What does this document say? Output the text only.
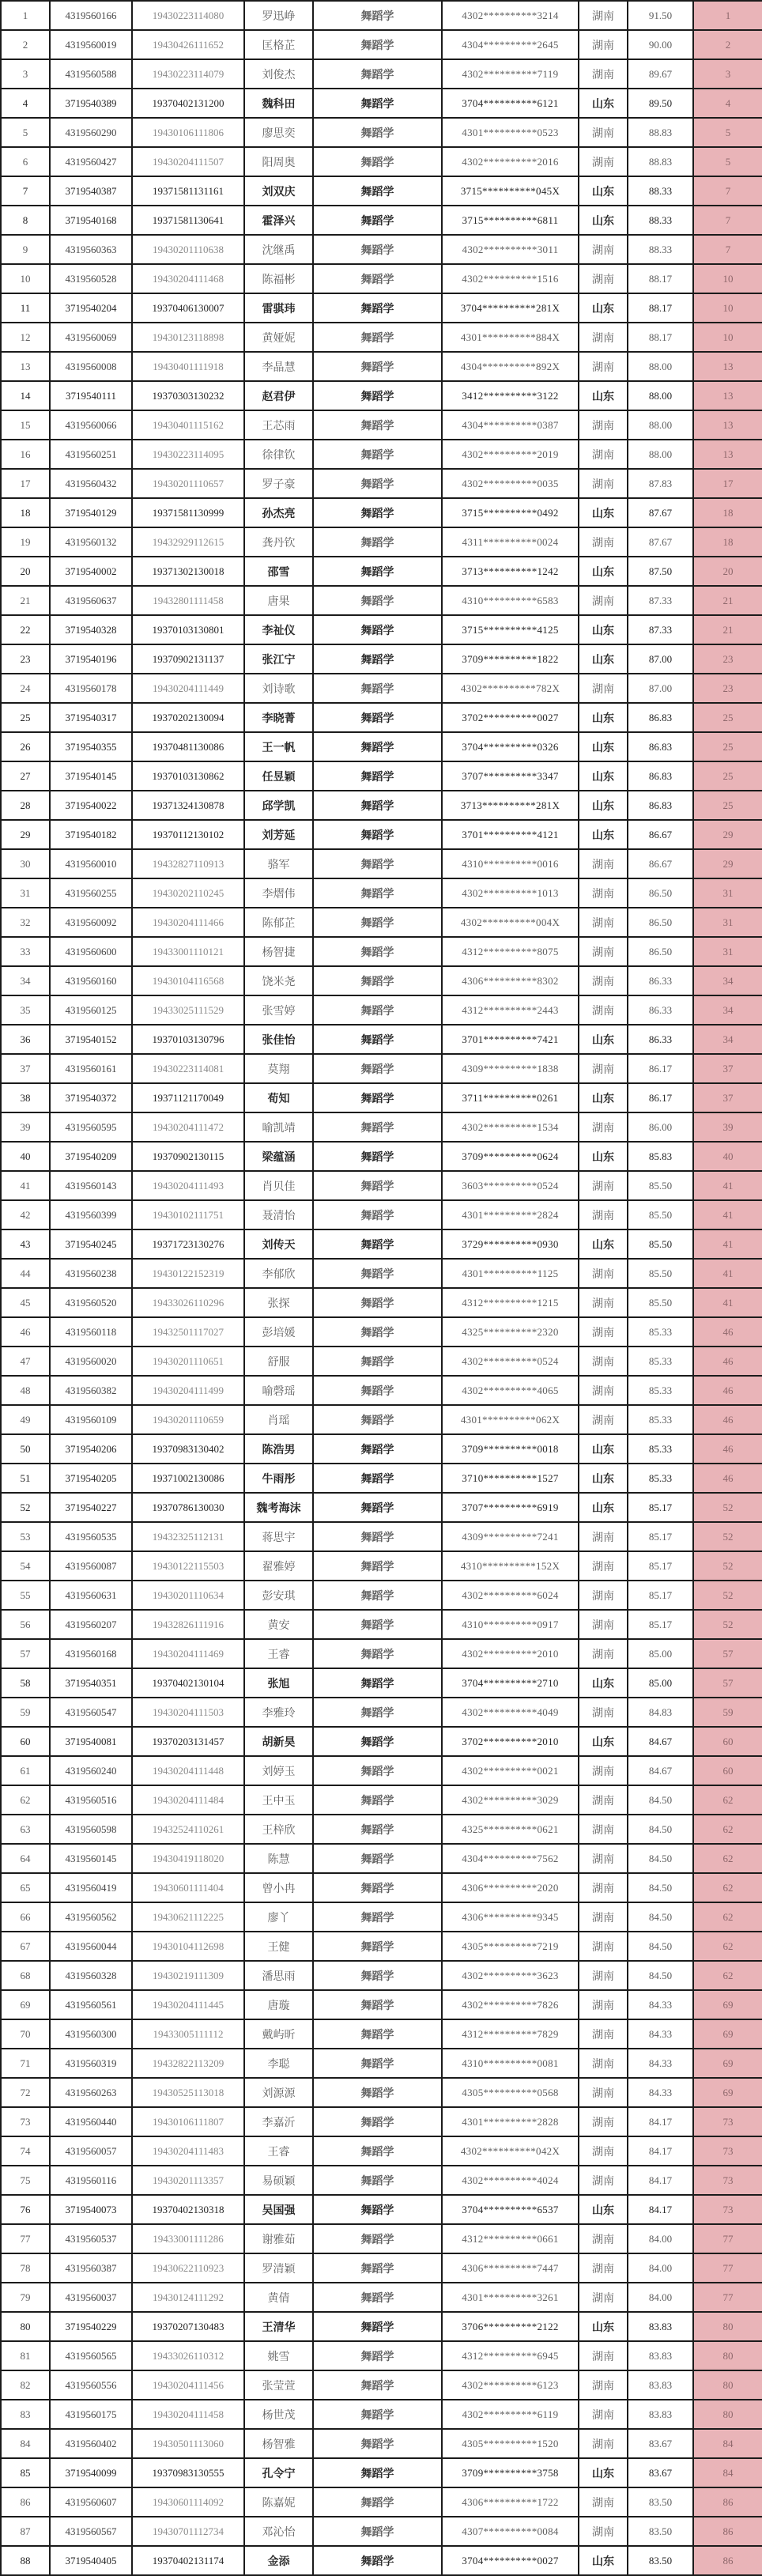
1	4319560166	19430223114080	罗迅峥	舞蹈学	4302**********3214	湖南	91.50	1
2	4319560019	19430426111652	匡格芷	舞蹈学	4304**********2645	湖南	90.00	2
3	4319560588	19430223114079	刘俊杰	舞蹈学	4302**********7119	湖南	89.67	3
4	3719540389	19370402131200	魏科田	舞蹈学	3704**********6121	山东	89.50	4
5	4319560290	19430106111806	廖思奕	舞蹈学	4301**********0523	湖南	88.83	5
6	4319560427	19430204111507	阳周奥	舞蹈学	4302**********2016	湖南	88.83	5
7	3719540387	19371581131161	刘双庆	舞蹈学	3715**********045X	山东	88.33	7
8	3719540168	19371581130641	霍泽兴	舞蹈学	3715**********6811	山东	88.33	7
9	4319560363	19430201110638	沈继禹	舞蹈学	4302**********3011	湖南	88.33	7
10	4319560528	19430204111468	陈福彬	舞蹈学	4302**********1516	湖南	88.17	10
11	3719540204	19370406130007	雷骐玮	舞蹈学	3704**********281X	山东	88.17	10
12	4319560069	19430123118898	黄娅妮	舞蹈学	4301**********884X	湖南	88.17	10
13	4319560008	19430401111918	李晶慧	舞蹈学	4304**********892X	湖南	88.00	13
14	3719540111	19370303130232	赵君伊	舞蹈学	3412**********3122	山东	88.00	13
15	4319560066	19430401115162	王芯雨	舞蹈学	4304**********0387	湖南	88.00	13
16	4319560251	19430223114095	徐律钦	舞蹈学	4302**********2019	湖南	88.00	13
17	4319560432	19430201110657	罗子豪	舞蹈学	4302**********0035	湖南	87.83	17
18	3719540129	19371581130999	孙杰亮	舞蹈学	3715**********0492	山东	87.67	18
19	4319560132	19432929112615	龚丹钦	舞蹈学	4311**********0024	湖南	87.67	18
20	3719540002	19371302130018	邵雪	舞蹈学	3713**********1242	山东	87.50	20
21	4319560637	19432801111458	唐果	舞蹈学	4310**********6583	湖南	87.33	21
22	3719540328	19370103130801	李祉仪	舞蹈学	3715**********4125	山东	87.33	21
23	3719540196	19370902131137	张江宁	舞蹈学	3709**********1822	山东	87.00	23
24	4319560178	19430204111449	刘诗歌	舞蹈学	4302**********782X	湖南	87.00	23
25	3719540317	19370202130094	李晓菁	舞蹈学	3702**********0027	山东	86.83	25
26	3719540355	19370481130086	王一帆	舞蹈学	3704**********0326	山东	86.83	25
27	3719540145	19370103130862	任昱颖	舞蹈学	3707**********3347	山东	86.83	25
28	3719540022	19371324130878	邱学凯	舞蹈学	3713**********281X	山东	86.83	25
29	3719540182	19370112130102	刘芳延	舞蹈学	3701**********4121	山东	86.67	29
30	4319560010	19432827110913	骆军	舞蹈学	4310**********0016	湖南	86.67	29
31	4319560255	19430202110245	李熠伟	舞蹈学	4302**********1013	湖南	86.50	31
32	4319560092	19430204111466	陈郁芷	舞蹈学	4302**********004X	湖南	86.50	31
33	4319560600	19433001110121	杨智捷	舞蹈学	4312**********8075	湖南	86.50	31
34	4319560160	19430104116568	饶米尧	舞蹈学	4306**********8302	湖南	86.33	34
35	4319560125	19433025111529	张雪婷	舞蹈学	4312**********2443	湖南	86.33	34
36	3719540152	19370103130796	张佳怡	舞蹈学	3701**********7421	山东	86.33	34
37	4319560161	19430223114081	莫翔	舞蹈学	4309**********1838	湖南	86.17	37
38	3719540372	19371121170049	荀知	舞蹈学	3711**********0261	山东	86.17	37
39	4319560595	19430204111472	喻凯靖	舞蹈学	4302**********1534	湖南	86.00	39
40	3719540209	19370902130115	梁蕴涵	舞蹈学	3709**********0624	山东	85.83	40
41	4319560143	19430204111493	肖贝佳	舞蹈学	3603**********0524	湖南	85.50	41
42	4319560399	19430102111751	聂清怡	舞蹈学	4301**********2824	湖南	85.50	41
43	3719540245	19371723130276	刘传天	舞蹈学	3729**********0930	山东	85.50	41
44	4319560238	19430122152319	李郁欣	舞蹈学	4301**********1125	湖南	85.50	41
45	4319560520	19433026110296	张探	舞蹈学	4312**********1215	湖南	85.50	41
46	4319560118	19432501117027	彭培媛	舞蹈学	4325**********2320	湖南	85.33	46
47	4319560020	19430201110651	舒服	舞蹈学	4302**********0524	湖南	85.33	46
48	4319560382	19430204111499	喻磬瑶	舞蹈学	4302**********4065	湖南	85.33	46
49	4319560109	19430201110659	肖瑶	舞蹈学	4301**********062X	湖南	85.33	46
50	3719540206	19370983130402	陈浩男	舞蹈学	3709**********0018	山东	85.33	46
51	3719540205	19371002130086	牛雨彤	舞蹈学	3710**********1527	山东	85.33	46
52	3719540227	19370786130030	魏考海沫	舞蹈学	3707**********6919	山东	85.17	52
53	4319560535	19432325112131	蒋思宇	舞蹈学	4309**********7241	湖南	85.17	52
54	4319560087	19430122115503	翟雅婷	舞蹈学	4310**********152X	湖南	85.17	52
55	4319560631	19430201110634	彭安琪	舞蹈学	4302**********6024	湖南	85.17	52
56	4319560207	19432826111916	黄安	舞蹈学	4310**********0917	湖南	85.17	52
57	4319560168	19430204111469	王睿	舞蹈学	4302**********2010	湖南	85.00	57
58	3719540351	19370402130104	张旭	舞蹈学	3704**********2710	山东	85.00	57
59	4319560547	19430204111503	李雅玲	舞蹈学	4302**********4049	湖南	84.83	59
60	3719540081	19370203131457	胡新昊	舞蹈学	3702**********2010	山东	84.67	60
61	4319560240	19430204111448	刘婷玉	舞蹈学	4302**********0021	湖南	84.67	60
62	4319560516	19430204111484	王中玉	舞蹈学	4302**********3029	湖南	84.50	62
63	4319560598	19432524110261	王梓欣	舞蹈学	4325**********0621	湖南	84.50	62
64	4319560145	19430419118020	陈慧	舞蹈学	4304**********7562	湖南	84.50	62
65	4319560419	19430601111404	曾小冉	舞蹈学	4306**********2020	湖南	84.50	62
66	4319560562	19430621112225	廖丫	舞蹈学	4306**********9345	湖南	84.50	62
67	4319560044	19430104112698	王健	舞蹈学	4305**********7219	湖南	84.50	62
68	4319560328	19430219111309	潘思雨	舞蹈学	4302**********3623	湖南	84.50	62
69	4319560561	19430204111445	唐璇	舞蹈学	4302**********7826	湖南	84.33	69
70	4319560300	19433005111112	戴屿昕	舞蹈学	4312**********7829	湖南	84.33	69
71	4319560319	19432822113209	李聪	舞蹈学	4310**********0081	湖南	84.33	69
72	4319560263	19430525113018	刘源源	舞蹈学	4305**********0568	湖南	84.33	69
73	4319560440	19430106111807	李嘉沂	舞蹈学	4301**********2828	湖南	84.17	73
74	4319560057	19430204111483	王睿	舞蹈学	4302**********042X	湖南	84.17	73
75	4319560116	19430201113357	易硕颖	舞蹈学	4302**********4024	湖南	84.17	73
76	3719540073	19370402130318	吴国强	舞蹈学	3704**********6537	山东	84.17	73
77	4319560537	19433001111286	谢雅茹	舞蹈学	4312**********0661	湖南	84.00	77
78	4319560387	19430622110923	罗清颖	舞蹈学	4306**********7447	湖南	84.00	77
79	4319560037	19430124111292	黄倩	舞蹈学	4301**********3261	湖南	84.00	77
80	3719540229	19370207130483	王清华	舞蹈学	3706**********2122	山东	83.83	80
81	4319560565	19433026110312	姚雪	舞蹈学	4312**********6945	湖南	83.83	80
82	4319560556	19430204111456	张莹萱	舞蹈学	4302**********6123	湖南	83.83	80
83	4319560175	19430204111458	杨世茂	舞蹈学	4302**********6119	湖南	83.83	80
84	4319560402	19430501113060	杨智雅	舞蹈学	4305**********1520	湖南	83.67	84
85	3719540099	19370983130555	孔令宁	舞蹈学	3709**********3758	山东	83.67	84
86	4319560607	19430601114092	陈嘉妮	舞蹈学	4306**********1722	湖南	83.50	86
87	4319560567	19430701112734	邓沁怡	舞蹈学	4307**********0084	湖南	83.50	86
88	3719540405	19370402131174	金添	舞蹈学	3704**********0027	山东	83.50	86
